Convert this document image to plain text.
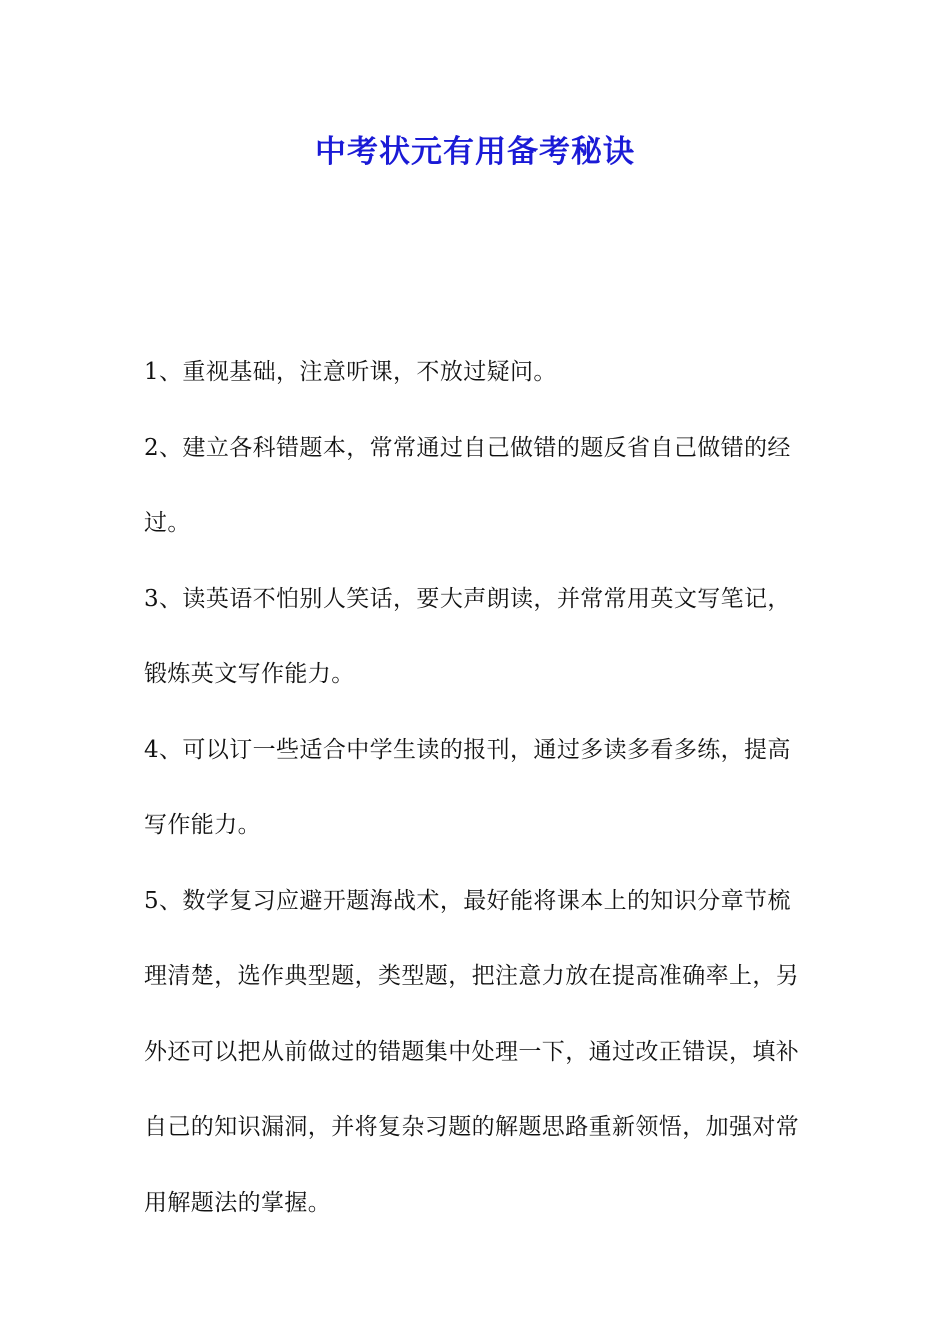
中考状元有用备考秘诀

1、重视基础，注意听课，不放过疑问。

2、建立各科错题本，常常通过自己做错的题反省自己做错的经过。

3、读英语不怕别人笑话，要大声朗读，并常常用英文写笔记，锻炼英文写作能力。

4、可以订一些适合中学生读的报刊，通过多读多看多练，提高写作能力。

5、数学复习应避开题海战术，最好能将课本上的知识分章节梳理清楚，选作典型题，类型题，把注意力放在提高准确率上，另外还可以把从前做过的错题集中处理一下，通过改正错误，填补自己的知识漏洞，并将复杂习题的解题思路重新领悟，加强对常用解题法的掌握。
